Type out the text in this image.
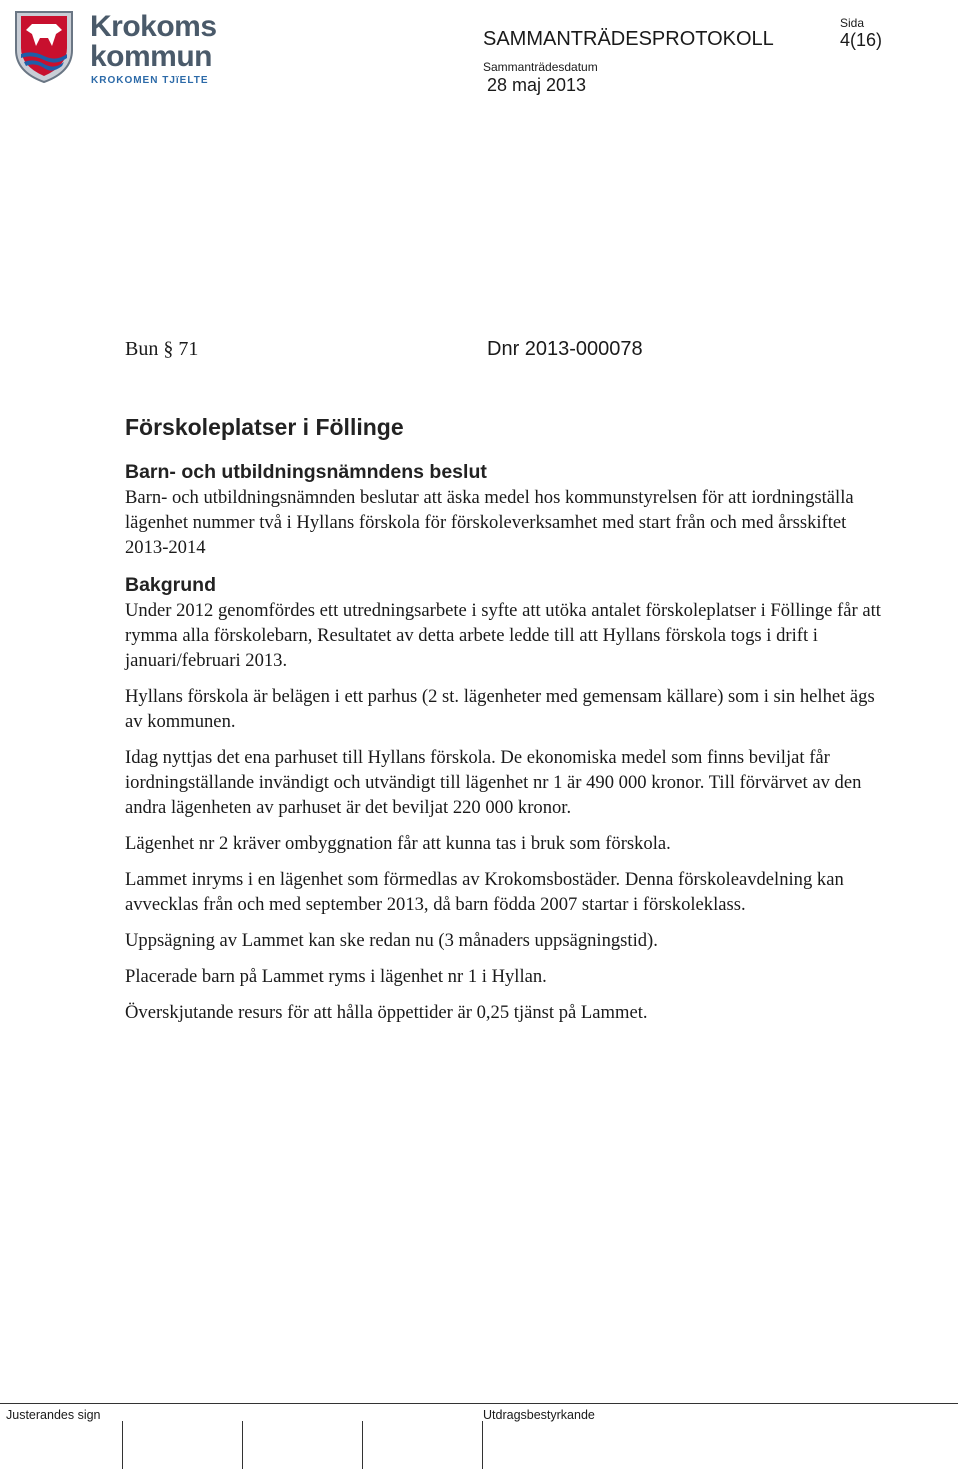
Krokoms
kommun
KROKOMEN TJïELTE
SAMMANTRÄDESPROTOKOLL
Sida
4(16)
Sammanträdesdatum
28 maj 2013
Bun § 71	Dnr 2013-000078
Förskoleplatser i Föllinge
Barn- och utbildningsnämndens beslut

Barn- och utbildningsnämnden beslutar att äska medel hos kommunstyrelsen för att iordningställa lägenhet nummer två i Hyllans förskola för förskoleverksamhet med start från och med årsskiftet 2013-2014

Bakgrund

Under 2012 genomfördes ett utredningsarbete i syfte att utöka antalet förskoleplatser i Föllinge får att rymma alla förskolebarn, Resultatet av detta arbete ledde till att Hyllans förskola togs i drift i januari/februari 2013.

Hyllans förskola är belägen i ett parhus (2 st. lägenheter med gemensam källare) som i sin helhet ägs av kommunen.

Idag nyttjas det ena parhuset till Hyllans förskola. De ekonomiska medel som finns beviljat får iordningställande invändigt och utvändigt till lägenhet nr 1 är 490 000 kronor. Till förvärvet av den andra lägenheten av parhuset är det beviljat 220 000 kronor.

Lägenhet nr 2 kräver ombyggnation får att kunna tas i bruk som förskola.

Lammet inryms i en lägenhet som förmedlas av Krokomsbostäder. Denna förskoleavdelning kan avvecklas från och med september 2013, då barn födda 2007 startar i förskoleklass.

Uppsägning av Lammet kan ske redan nu (3 månaders uppsägningstid).

Placerade barn på Lammet ryms i lägenhet nr 1 i Hyllan.

Överskjutande resurs för att hålla öppettider är 0,25 tjänst på Lammet.

Justerandes sign	Utdragsbestyrkande
